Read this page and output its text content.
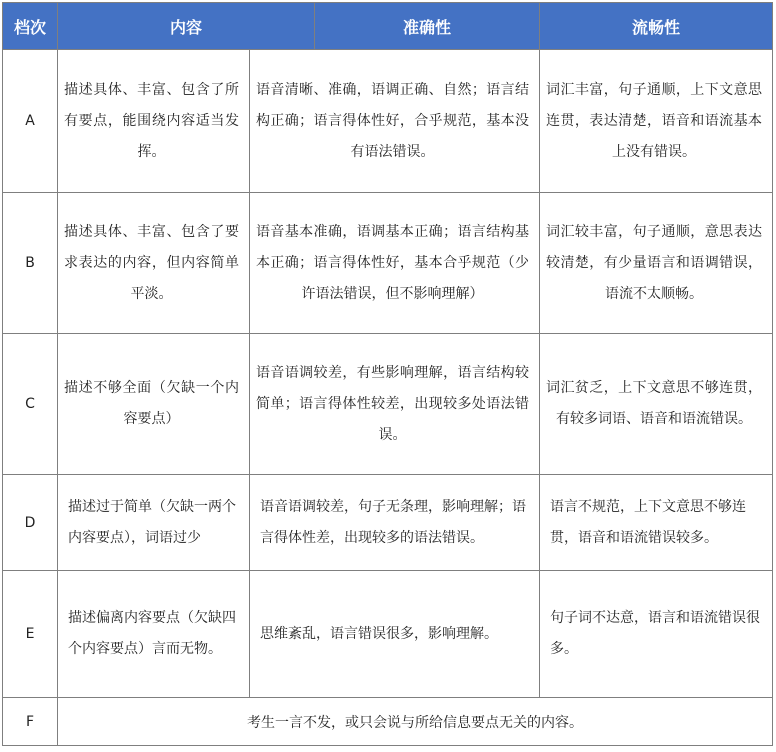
档次	内容		准确性	流畅性
A	描述具体、丰富、包含了所有要点，能围绕内容适当发挥。	语音清晰、准确，语调正确、自然；语言结构正确；语言得体性好，合乎规范，基本没有语法错误。		词汇丰富，句子通顺，上下文意思连贯，表达清楚，语音和语流基本上没有错误。
B	描述具体、丰富、包含了要求表达的内容，但内容简单平淡。	语音基本准确，语调基本正确；语言结构基本正确；语言得体性好，基本合乎规范（少许语法错误，但不影响理解）		词汇较丰富，句子通顺，意思表达较清楚，有少量语言和语调错误，语流不太顺畅。
C	描述不够全面（欠缺一个内容要点）	语音语调较差，有些影响理解，语言结构较简单；语言得体性较差，出现较多处语法错误。		词汇贫乏，上下文意思不够连贯，有较多词语、语音和语流错误。
D	描述过于简单（欠缺一两个内容要点），词语过少	语音语调较差，句子无条理，影响理解；语言得体性差，出现较多的语法错误。		语言不规范，上下文意思不够连贯，语音和语流错误较多。
E	描述偏离内容要点（欠缺四个内容要点）言而无物。	思维紊乱，语言错误很多，影响理解。		句子词不达意，语言和语流错误很多。
F	考生一言不发，或只会说与所给信息要点无关的内容。			
